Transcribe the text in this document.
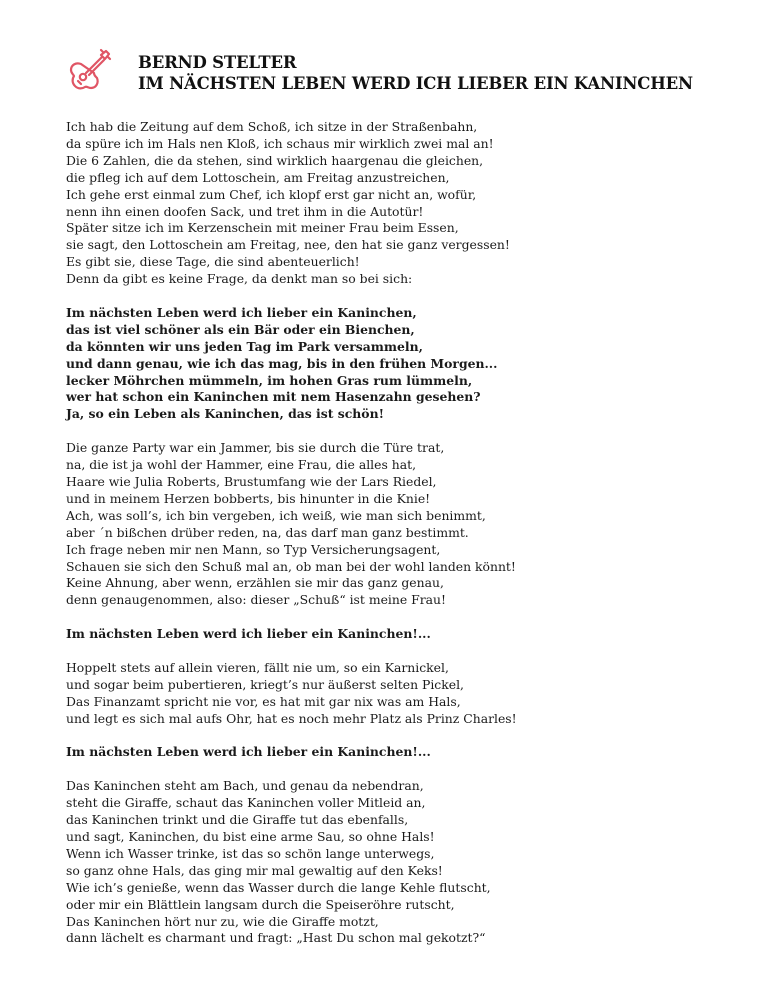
BERND STELTER
IM NÄCHSTEN LEBEN WERD ICH LIEBER EIN KANINCHEN
Ich hab die Zeitung auf dem Schoß, ich sitze in der Straßenbahn,
da spüre ich im Hals nen Kloß, ich schaus mir wirklich zwei mal an!
Die 6 Zahlen, die da stehen, sind wirklich haargenau die gleichen,
die pfleg ich auf dem Lottoschein, am Freitag anzustreichen,
Ich gehe erst einmal zum Chef, ich klopf erst gar nicht an, wofür,
nenn ihn einen doofen Sack, und tret ihm in die Autotür!
Später sitze ich im Kerzenschein mit meiner Frau beim Essen,
sie sagt, den Lottoschein am Freitag, nee, den hat sie ganz vergessen!
Es gibt sie, diese Tage, die sind abenteuerlich!
Denn da gibt es keine Frage, da denkt man so bei sich:
Im nächsten Leben werd ich lieber ein Kaninchen,
das ist viel schöner als ein Bär oder ein Bienchen,
da könnten wir uns jeden Tag im Park versammeln,
und dann genau, wie ich das mag, bis in den frühen Morgen...
lecker Möhrchen mümmeln, im hohen Gras rum lümmeln,
wer hat schon ein Kaninchen mit nem Hasenzahn gesehen?
Ja, so ein Leben als Kaninchen, das ist schön!
Die ganze Party war ein Jammer, bis sie durch die Türe trat,
na, die ist ja wohl der Hammer, eine Frau, die alles hat,
Haare wie Julia Roberts, Brustumfang wie der Lars Riedel,
und in meinem Herzen bobberts, bis hinunter in die Knie!
Ach, was soll’s, ich bin vergeben, ich weiß, wie man sich benimmt,
aber ´n bißchen drüber reden, na, das darf man ganz bestimmt.
Ich frage neben mir nen Mann, so Typ Versicherungsagent,
Schauen sie sich den Schuß mal an, ob man bei der wohl landen könnt!
Keine Ahnung, aber wenn, erzählen sie mir das ganz genau,
denn genaugenommen, also: dieser „Schuß“ ist meine Frau!
Im nächsten Leben werd ich lieber ein Kaninchen!...
Hoppelt stets auf allein vieren, fällt nie um, so ein Karnickel,
und sogar beim pubertieren, kriegt’s nur äußerst selten Pickel,
Das Finanzamt spricht nie vor, es hat mit gar nix was am Hals,
und legt es sich mal aufs Ohr, hat es noch mehr Platz als Prinz Charles!
Im nächsten Leben werd ich lieber ein Kaninchen!...
Das Kaninchen steht am Bach, und genau da nebendran,
steht die Giraffe, schaut das Kaninchen voller Mitleid an,
das Kaninchen trinkt und die Giraffe tut das ebenfalls,
und sagt, Kaninchen, du bist eine arme Sau, so ohne Hals!
Wenn ich Wasser trinke, ist das so schön lange unterwegs,
so ganz ohne Hals, das ging mir mal gewaltig auf den Keks!
Wie ich’s genieße, wenn das Wasser durch die lange Kehle flutscht,
oder mir ein Blättlein langsam durch die Speiseröhre rutscht,
Das Kaninchen hört nur zu, wie die Giraffe motzt,
dann lächelt es charmant und fragt: „Hast Du schon mal gekotzt?“
